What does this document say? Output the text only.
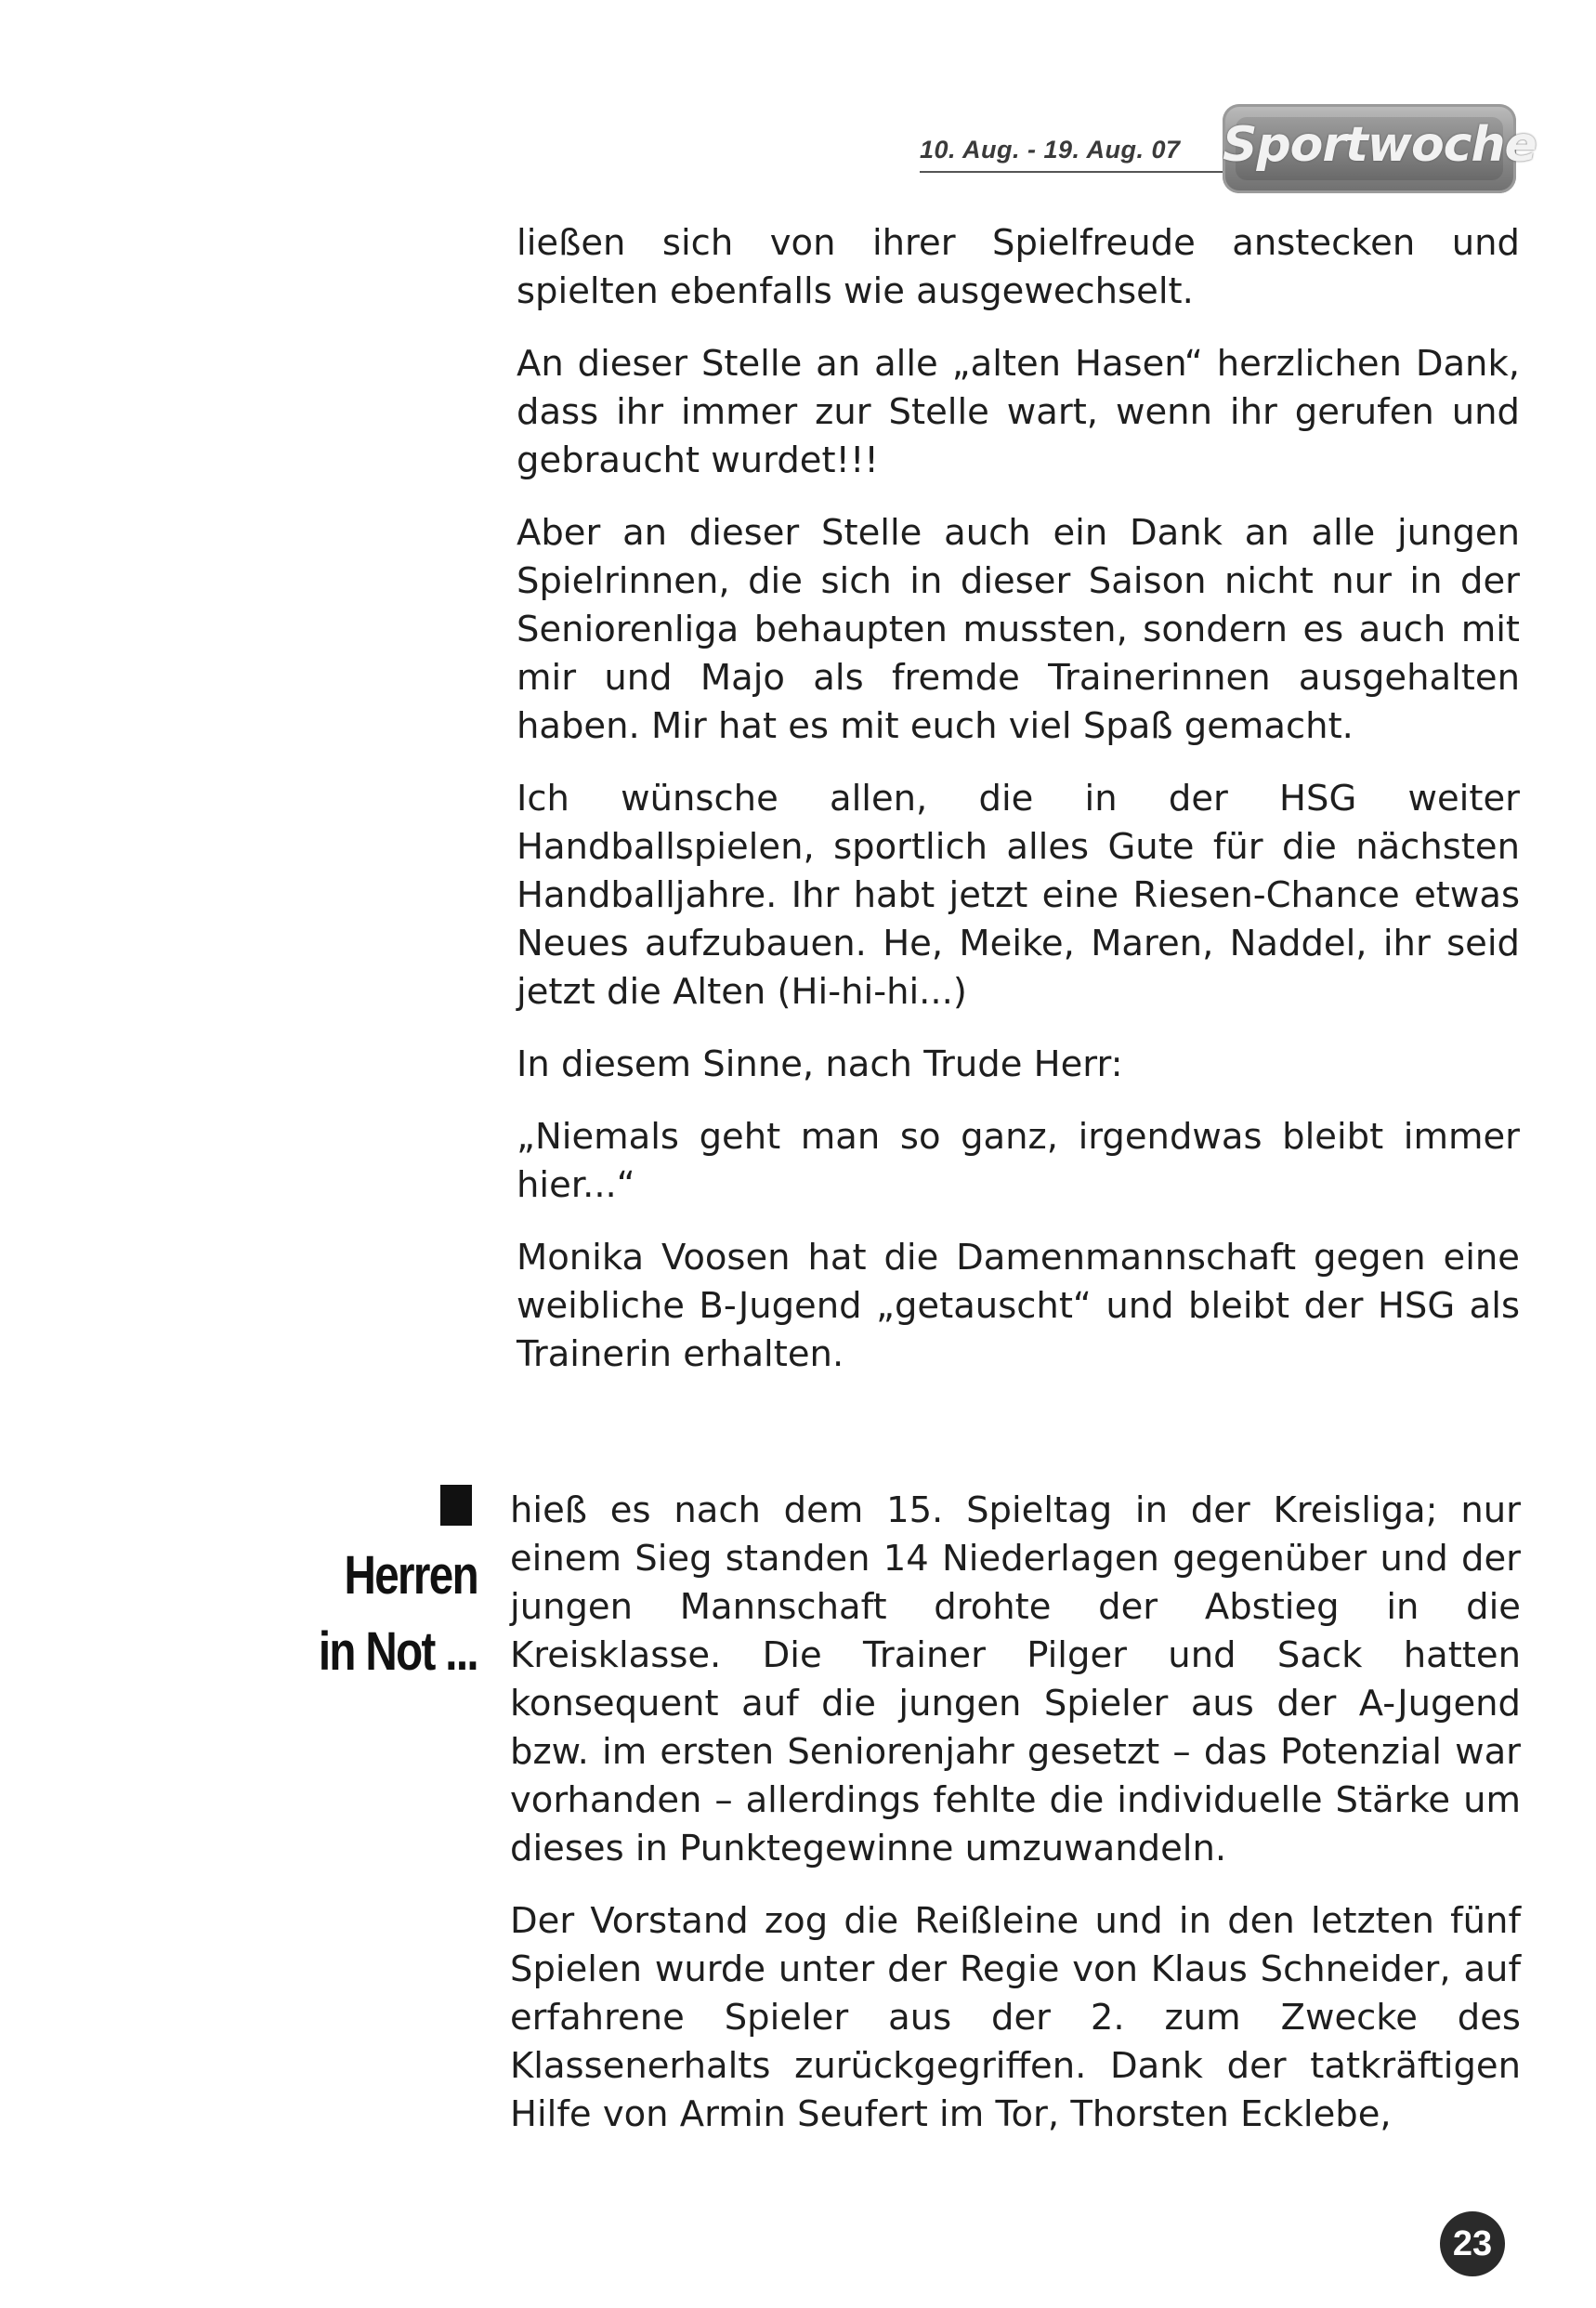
10. Aug. - 19. Aug. 07 Sportwoche

ließen sich von ihrer Spielfreude anstecken und spielten ebenfalls wie ausgewechselt.

An dieser Stelle an alle „alten Hasen“ herzlichen Dank, dass ihr immer zur Stelle wart, wenn ihr gerufen und gebraucht wurdet!!!

Aber an dieser Stelle auch ein Dank an alle jungen Spielrinnen, die sich in dieser Saison nicht nur in der Seniorenliga behaupten mussten, sondern es auch mit mir und Majo als fremde Trainerinnen ausgehalten haben. Mir hat es mit euch viel Spaß gemacht.

Ich wünsche allen, die in der HSG weiter Handballspielen, sportlich alles Gute für die nächsten Handballjahre. Ihr habt jetzt eine Riesen-Chance etwas Neues aufzubauen. He, Meike, Maren, Naddel, ihr seid jetzt die Alten (Hi-hi-hi...)

In diesem Sinne, nach Trude Herr:

„Niemals geht man so ganz, irgendwas bleibt immer hier...“

Monika Voosen hat die Damenmannschaft gegen eine weibliche B-Jugend „getauscht“ und bleibt der HSG als Trainerin erhalten.

Herren
in Not ...

hieß es nach dem 15. Spieltag in der Kreisliga; nur einem Sieg standen 14 Niederlagen gegenüber und der jungen Mannschaft drohte der Abstieg in die Kreisklasse. Die Trainer Pilger und Sack hatten konsequent auf die jungen Spieler aus der A-Jugend bzw. im ersten Seniorenjahr gesetzt – das Potenzial war vorhanden – allerdings fehlte die individuelle Stärke um dieses in Punktegewinne umzuwandeln.

Der Vorstand zog die Reißleine und in den letzten fünf Spielen wurde unter der Regie von Klaus Schneider, auf erfahrene Spieler aus der 2. zum Zwecke des Klassenerhalts zurückgegriffen. Dank der tatkräftigen Hilfe von Armin Seufert im Tor, Thorsten Ecklebe,

23
